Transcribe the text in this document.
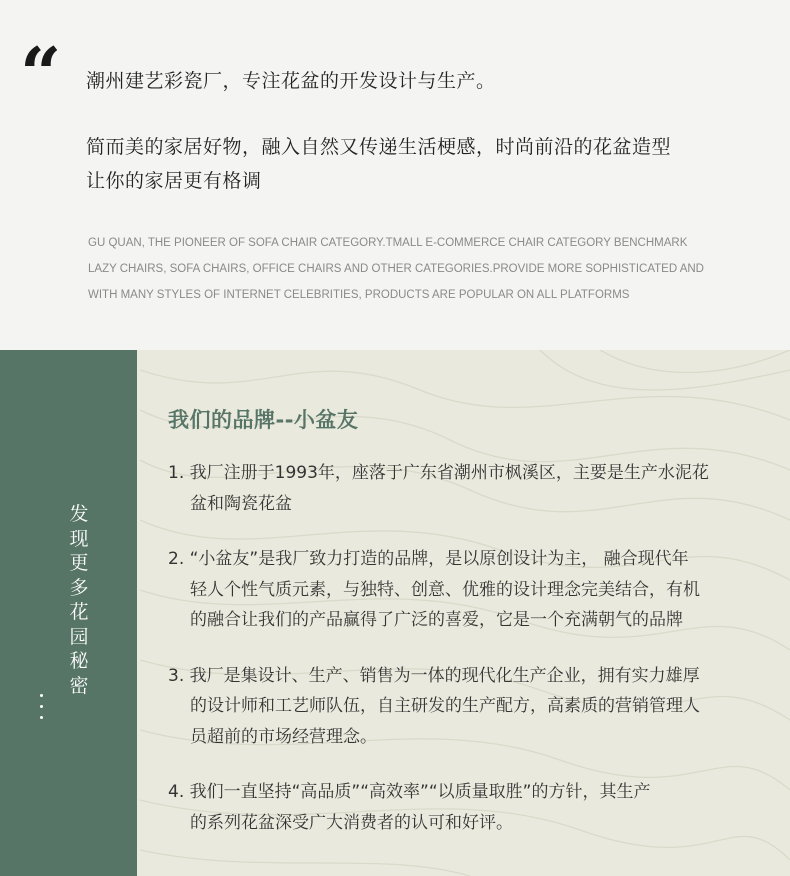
“ 潮州建艺彩瓷厂，专注花盆的开发设计与生产。
简而美的家居好物，融入自然又传递生活梗感，时尚前沿的花盆造型
让你的家居更有格调
GU QUAN, THE PIONEER OF SOFA CHAIR CATEGORY.TMALL E-COMMERCE CHAIR CATEGORY BENCHMARK
LAZY CHAIRS, SOFA CHAIRS, OFFICE CHAIRS AND OTHER CATEGORIES.PROVIDE MORE SOPHISTICATED AND
WITH MANY STYLES OF INTERNET CELEBRITIES, PRODUCTS ARE POPULAR ON ALL PLATFORMS
发
现
更
多
花
园
秘
密
我们的品牌--小盆友
1. 我厂注册于1993年，座落于广东省潮州市枫溪区，主要是生产水泥花
盆和陶瓷花盆
2. “小盆友”是我厂致力打造的品牌，是以原创设计为主， 融合现代年
轻人个性气质元素，与独特、创意、优雅的设计理念完美结合，有机
的融合让我们的产品赢得了广泛的喜爱，它是一个充满朝气的品牌
3. 我厂是集设计、生产、销售为一体的现代化生产企业，拥有实力雄厚
的设计师和工艺师队伍，自主研发的生产配方，高素质的营销管理人
员超前的市场经营理念。
4. 我们一直坚持“高品质”“高效率”“以质量取胜”的方针，其生产
的系列花盆深受广大消费者的认可和好评。
